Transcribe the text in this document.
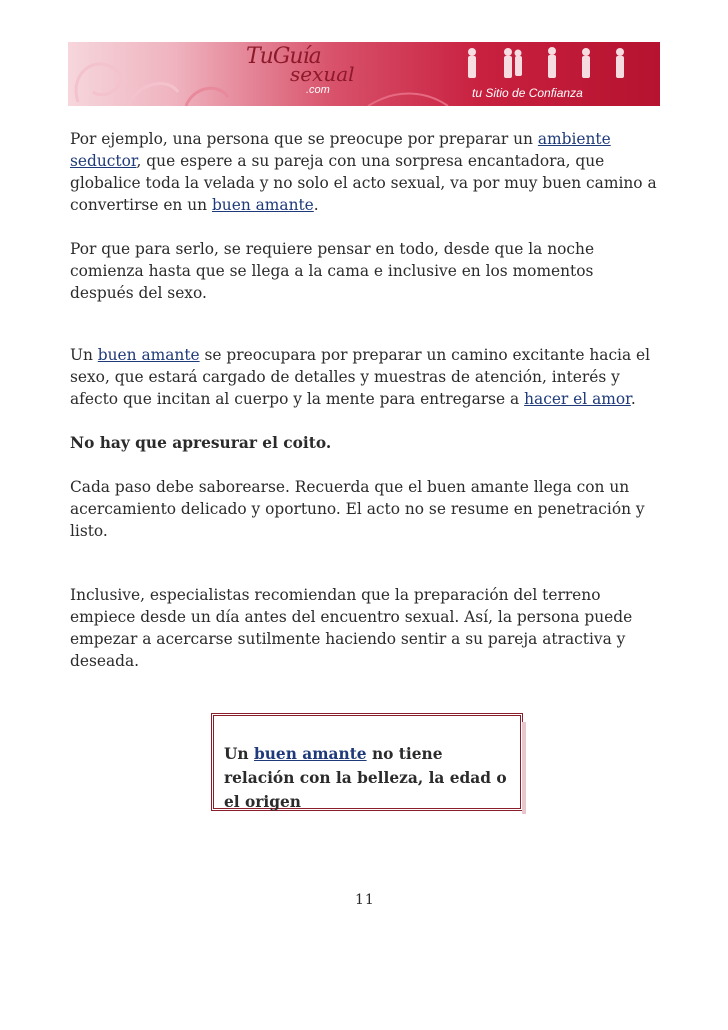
TuGuía
sexual
.com	tu Sitio de Confianza

Por ejemplo, una persona que se preocupe por preparar un ambiente seductor, que espere a su pareja con una sorpresa encantadora, que globalice toda la velada y no solo el acto sexual, va por muy buen camino a convertirse en un buen amante.

Por que para serlo, se requiere pensar en todo, desde que la noche comienza hasta que se llega a la cama e inclusive en los momentos después del sexo.

Un buen amante se preocupara por preparar un camino excitante hacia el sexo, que estará cargado de detalles y muestras de atención, interés y afecto que incitan al cuerpo y la mente para entregarse a hacer el amor.

No hay que apresurar el coito.

Cada paso debe saborearse. Recuerda que el buen amante llega con un acercamiento delicado y oportuno. El acto no se resume en penetración y listo.

Inclusive, especialistas recomiendan que la preparación del terreno empiece desde un día antes del encuentro sexual. Así, la persona puede empezar a acercarse sutilmente haciendo sentir a su pareja atractiva y deseada.

Un buen amante no tiene relación con la belleza, la edad o el origen
11
